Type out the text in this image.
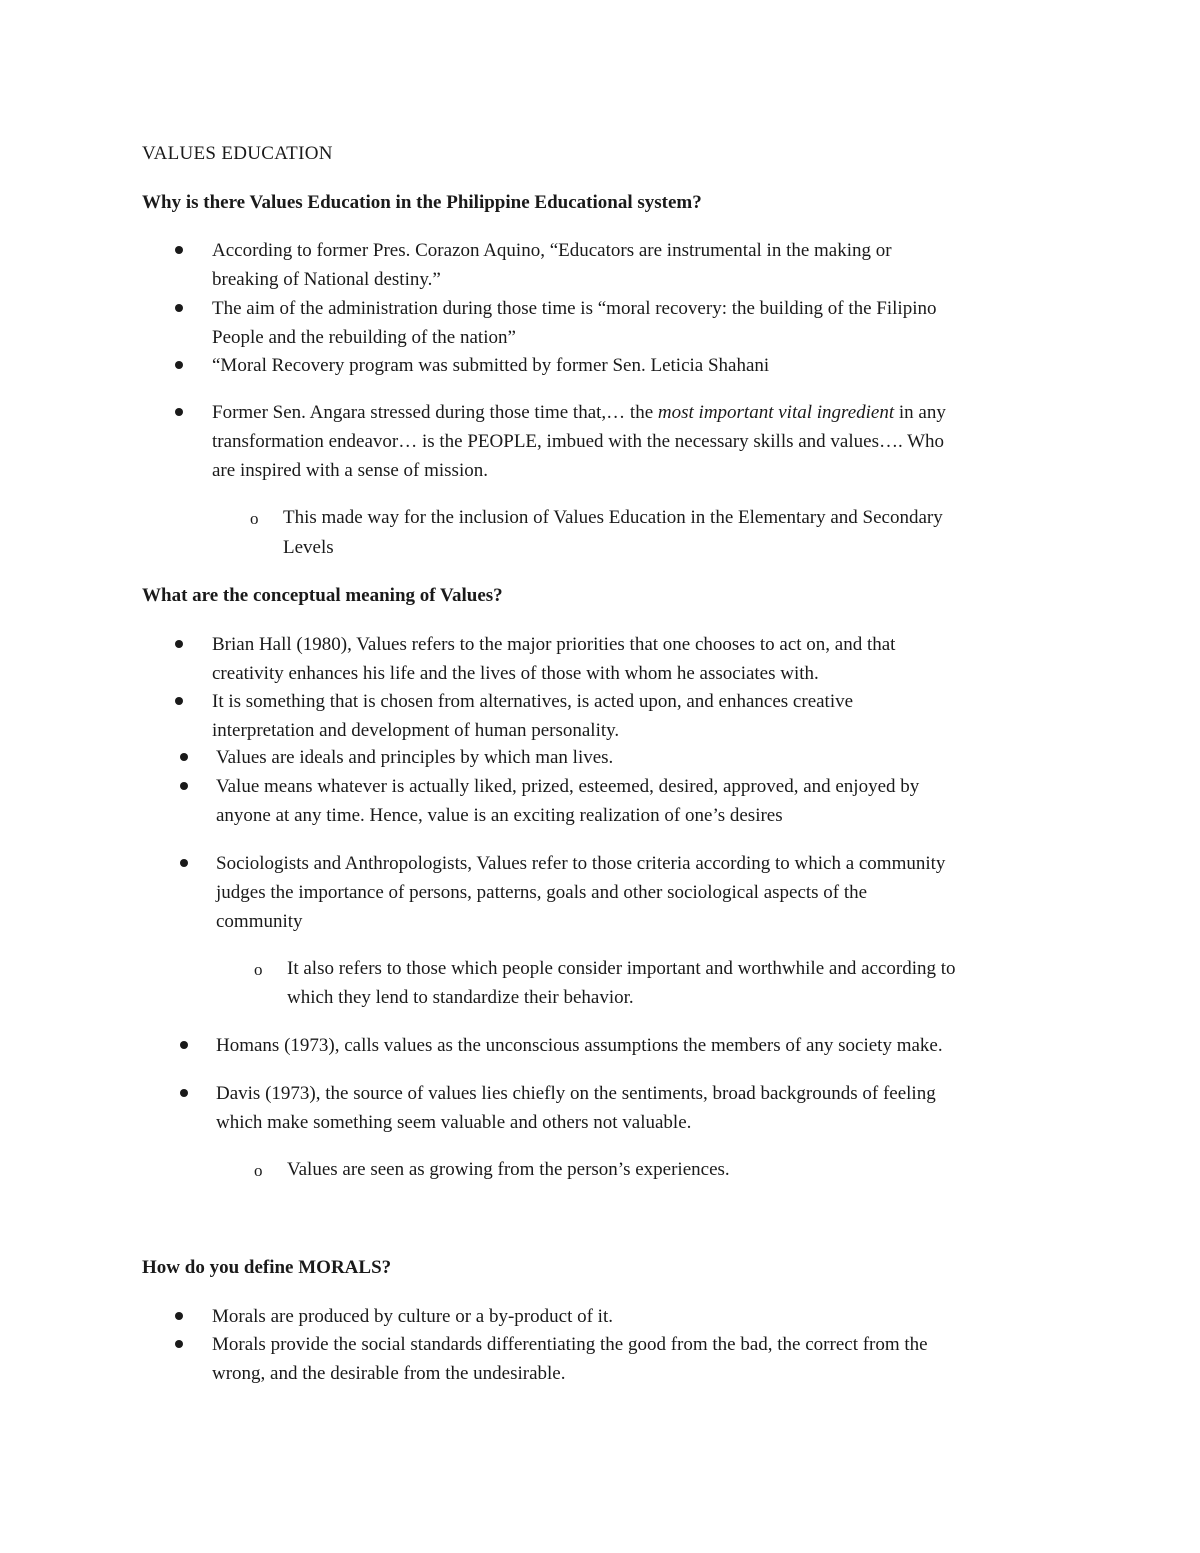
VALUES EDUCATION
Why is there Values Education in the Philippine Educational system?
According to former Pres. Corazon Aquino, “Educators are instrumental in the making or
breaking of National destiny.”
The aim of the administration during those time is “moral recovery: the building of the Filipino
People and the rebuilding of the nation”
“Moral Recovery program was submitted by former Sen. Leticia Shahani
Former Sen. Angara stressed during those time that,… the most important vital ingredient in any
transformation endeavor… is the PEOPLE, imbued with the necessary skills and values…. Who
are inspired with a sense of mission.
o This made way for the inclusion of Values Education in the Elementary and Secondary
Levels
What are the conceptual meaning of Values?
Brian Hall (1980), Values refers to the major priorities that one chooses to act on, and that
creativity enhances his life and the lives of those with whom he associates with.
It is something that is chosen from alternatives, is acted upon, and enhances creative
interpretation and development of human personality.
Values are ideals and principles by which man lives.
Value means whatever is actually liked, prized, esteemed, desired, approved, and enjoyed by
anyone at any time. Hence, value is an exciting realization of one’s desires
Sociologists and Anthropologists, Values refer to those criteria according to which a community
judges the importance of persons, patterns, goals and other sociological aspects of the
community
o It also refers to those which people consider important and worthwhile and according to
which they lend to standardize their behavior.
Homans (1973), calls values as the unconscious assumptions the members of any society make.
Davis (1973), the source of values lies chiefly on the sentiments, broad backgrounds of feeling
which make something seem valuable and others not valuable.
o Values are seen as growing from the person’s experiences.
How do you define MORALS?
Morals are produced by culture or a by-product of it.
Morals provide the social standards differentiating the good from the bad, the correct from the
wrong, and the desirable from the undesirable.
